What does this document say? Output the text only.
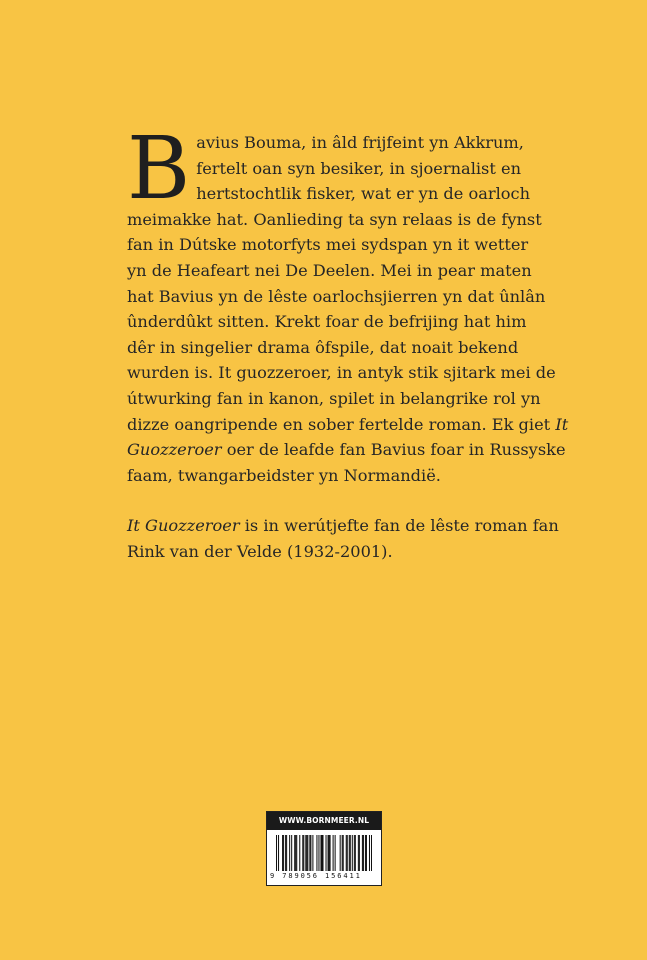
B avius Bouma, in âld frijfeint yn Akkrum,
fertelt oan syn besiker, in sjoernalist en
hertstochtlik fisker, wat er yn de oarloch
meimakke hat. Oanlieding ta syn relaas is de fynst
fan in Dútske motorfyts mei sydspan yn it wetter
yn de Heafeart nei De Deelen. Mei in pear maten
hat Bavius yn de lêste oarlochsjierren yn dat ûnlân
ûnderdûkt sitten. Krekt foar de befrijing hat him
dêr in singelier drama ôfspile, dat noait bekend
wurden is. It guozzeroer, in antyk stik sjitark mei de
útwurking fan in kanon, spilet in belangrike rol yn
dizze oangripende en sober fertelde roman. Ek giet It
Guozzeroer oer de leafde fan Bavius foar in Russyske
faam, twangarbeidster yn Normandië.

It Guozzeroer is in werútjefte fan de lêste roman fan
Rink van der Velde (1932-2001).

WWW.BORNMEER.NL
9 789056 156411
